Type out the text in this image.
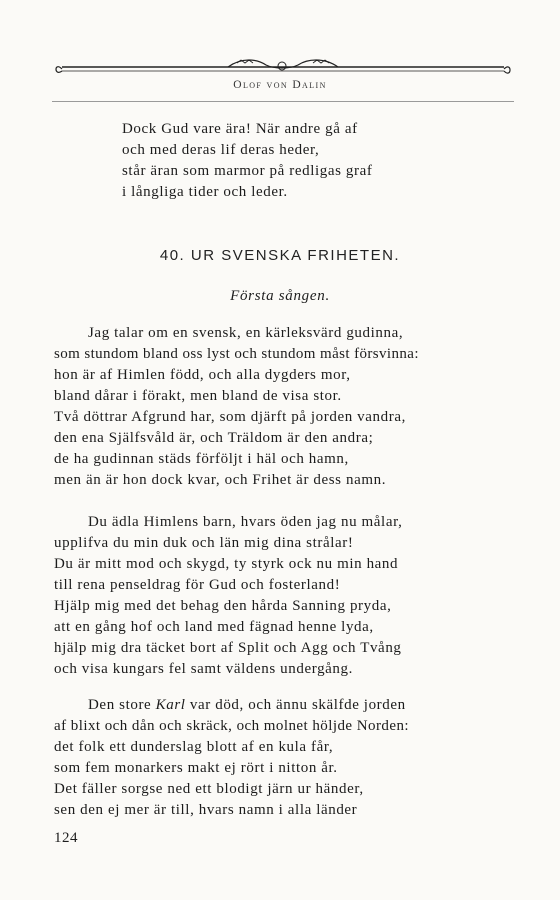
Olof von Dalin
Dock Gud vare ära! När andre gå af
och med deras lif deras heder,
står äran som marmor på redligas graf
i långliga tider och leder.
40. UR SVENSKA FRIHETEN.
Första sången.
Jag talar om en svensk, en kärleksvärd gudinna,
som stundom bland oss lyst och stundom måst försvinna:
hon är af Himlen född, och alla dygders mor,
bland dårar i förakt, men bland de visa stor.
Två döttrar Afgrund har, som djärft på jorden vandra,
den ena Själfsvåld är, och Träldom är den andra;
de ha gudinnan städs förföljt i häl och hamn,
men än är hon dock kvar, och Frihet är dess namn.
Du ädla Himlens barn, hvars öden jag nu målar,
upplifva du min duk och län mig dina strålar!
Du är mitt mod och skygd, ty styrk ock nu min hand
till rena penseldrag för Gud och fosterland!
Hjälp mig med det behag den hårda Sanning pryda,
att en gång hof och land med fägnad henne lyda,
hjälp mig dra täcket bort af Split och Agg och Tvång
och visa kungars fel samt väldens undergång.
Den store Karl var död, och ännu skälfde jorden
af blixt och dån och skräck, och molnet höljde Norden:
det folk ett dunderslag blott af en kula får,
som fem monarkers makt ej rört i nitton år.
Det fäller sorgse ned ett blodigt järn ur händer,
sen den ej mer är till, hvars namn i alla länder
124
